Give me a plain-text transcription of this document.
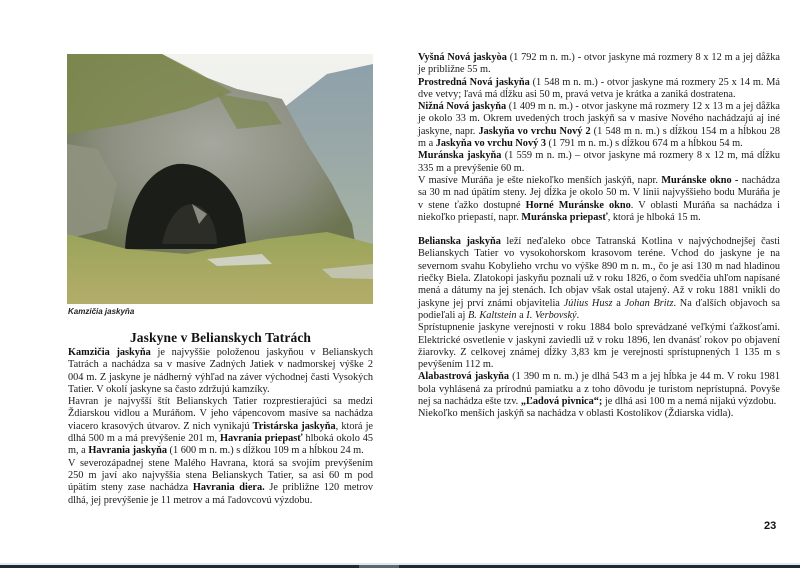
Kamzičia jaskyňa
Jaskyne v Belianskych Tatrách

Kamzičia jaskyňa je najvyššie položenou jaskyňou v Belianskych Tatrách a nachádza sa v masíve Zadných Jatiek v nadmorskej výške 2 004 m. Z jaskyne je nádherný výhľad na záver východnej časti Vysokých Tatier. V okolí jaskyne sa často zdržujú kamzíky.

Havran je najvyšší štít Belianskych Tatier rozprestierajúci sa medzi Ždiarskou vidlou a Muráňom. V jeho vápencovom masíve sa nachádza viacero krasových útvarov. Z nich vynikajú Tristárska jaskyňa, ktorá je dlhá 500 m a má prevýšenie 201 m, Havrania priepasť hlboká okolo 45 m, a Havrania jaskyňa (1 600 m n. m.) s dĺžkou 109 m a hĺbkou 24 m.

V severozápadnej stene Malého Havrana, ktorá sa svojím prevýšením 250 m javí ako najvyššia stena Belianskych Tatier, sa asi 60 m pod úpätím steny zase nachádza Havrania diera. Je približne 120 metrov dlhá, jej prevýšenie je 11 metrov a má ľadovcovú výzdobu.

Vyšná Nová jaskyòa (1 792 m n. m.) - otvor jaskyne má rozmery 8 x 12 m a jej dåžka je približne 55 m.

Prostredná Nová jaskyňa (1 548 m n. m.) - otvor jaskyne má rozmery 25 x 14 m. Má dve vetvy; ľavá má dĺžku asi 50 m, pravá vetva je krátka a zaniká dostratena.

Nižná Nová jaskyňa (1 409 m n. m.) - otvor jaskyne má rozmery 12 x 13 m a jej dåžka je okolo 33 m. Okrem uvedených troch jaskýň sa v masíve Nového nachádzajú aj iné jaskyne, napr. Jaskyňa vo vrchu Nový 2 (1 548 m n. m.) s dĺžkou 154 m a hĺbkou 28 m a Jaskyňa vo vrchu Nový 3 (1 791 m n. m.) s dĺžkou 674 m a hĺbkou 54 m.

Muránska jaskyňa (1 559 m n. m.) – otvor jaskyne má rozmery 8 x 12 m, má dĺžku 335 m a prevýšenie 60 m.

V masíve Muráňa je ešte niekoľko menších jaskýň, napr. Muránske okno - nachádza sa 30 m nad úpätím steny. Jej dĺžka je okolo 50 m. V línii najvyššieho bodu Muráňa je v stene ťažko dostupné Horné Muránske okno. V oblasti Muráňa sa nachádza i niekoľko priepastí, napr. Muránska priepasť, ktorá je hlboká 15 m.

Belianska jaskyňa leží neďaleko obce Tatranská Kotlina v najvýchodnejšej časti Belianskych Tatier vo vysokohorskom krasovom teréne. Vchod do jaskyne je na severnom svahu Kobylieho vrchu vo výške 890 m n. m., čo je asi 130 m nad hladinou riečky Biela. Zlatokopi jaskyňu poznali už v roku 1826, o čom svedčia uhľom napísané mená a dátumy na jej stenách. Ich objav však ostal utajený. Až v roku 1881 vnikli do jaskyne jej prví známi objavitelia Július Husz a Johan Britz. Na ďalších objavoch sa podieľali aj B. Kaltstein a I. Verbovský.

Sprístupnenie jaskyne verejnosti v roku 1884 bolo sprevádzané veľkými ťažkosťami. Elektrické osvetlenie v jaskyni zaviedli už v roku 1896, len dvanásť rokov po objavení žiarovky. Z celkovej známej dĺžky 3,83 km je verejnosti sprístupnených 1 135 m s pevýšením 112 m.

Alabastrová jaskyňa (1 390 m n. m.) je dlhá 543 m a jej hĺbka je 44 m. V roku 1981 bola vyhlásená za prírodnú pamiatku a z toho dôvodu je turistom neprístupná. Povyše nej sa nachádza ešte tzv. „Ľadová pivnica“; je dlhá asi 100 m a nemá nijakú výzdobu.

Niekoľko menších jaskýň sa nachádza v oblasti Kostolíkov (Ždiarska vidla).

23
